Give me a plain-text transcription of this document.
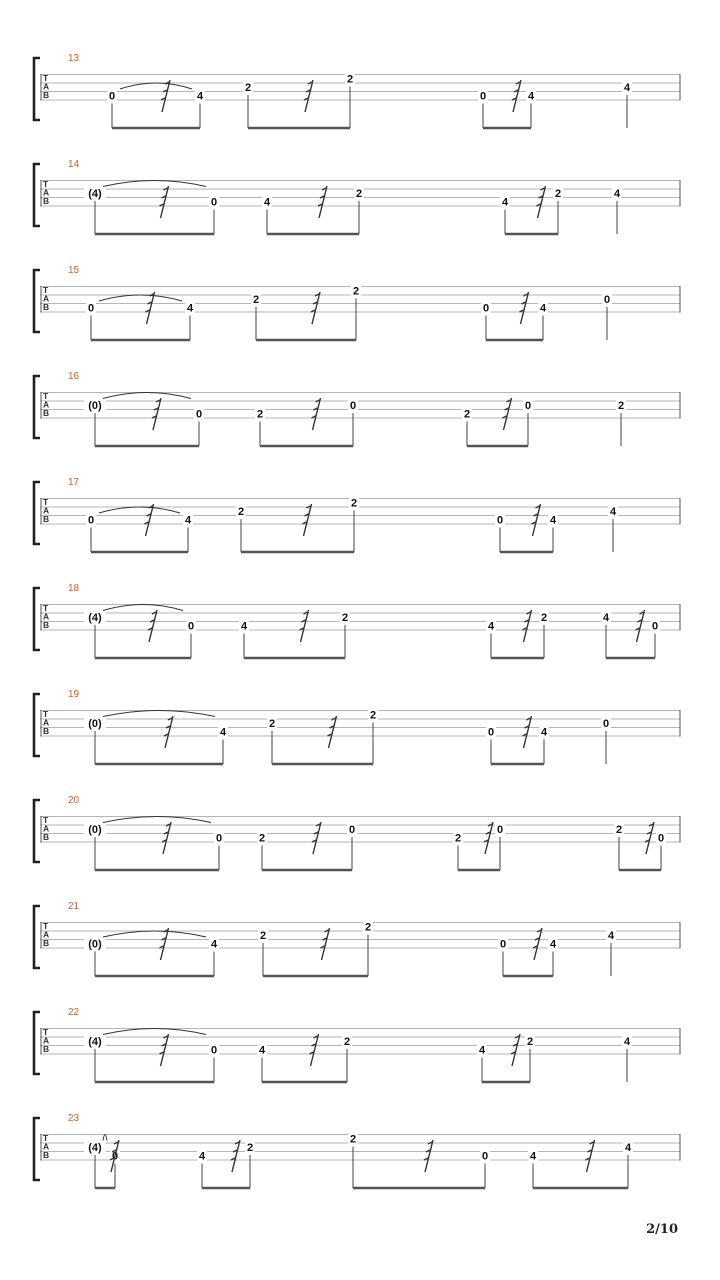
T
A
B
13
0	4
2
2
0	4
4
T
A
B
14
(4)
0	4
2
4
2	4
T
A
B
15
0	4
2
2
0	4
0
T
A
B
16
(0)
0	2
0
2
0	2
T
A
B
17
0	4
2
2
0	4
4
T
A
B
18
(4)
0	4
2
4
2	4
0
T
A
B
19
(0)
4
2
2
0	4
0
T
A
B
20
(0)
0	2
0
2
0	2
0
T
A
B
21
(0)	4
2
2
0	4
4
T
A
B
22
(4)
0	4
2
4
2	4
T
A
B
23
(4)
0	4
2
2
0	4
4
2/10
